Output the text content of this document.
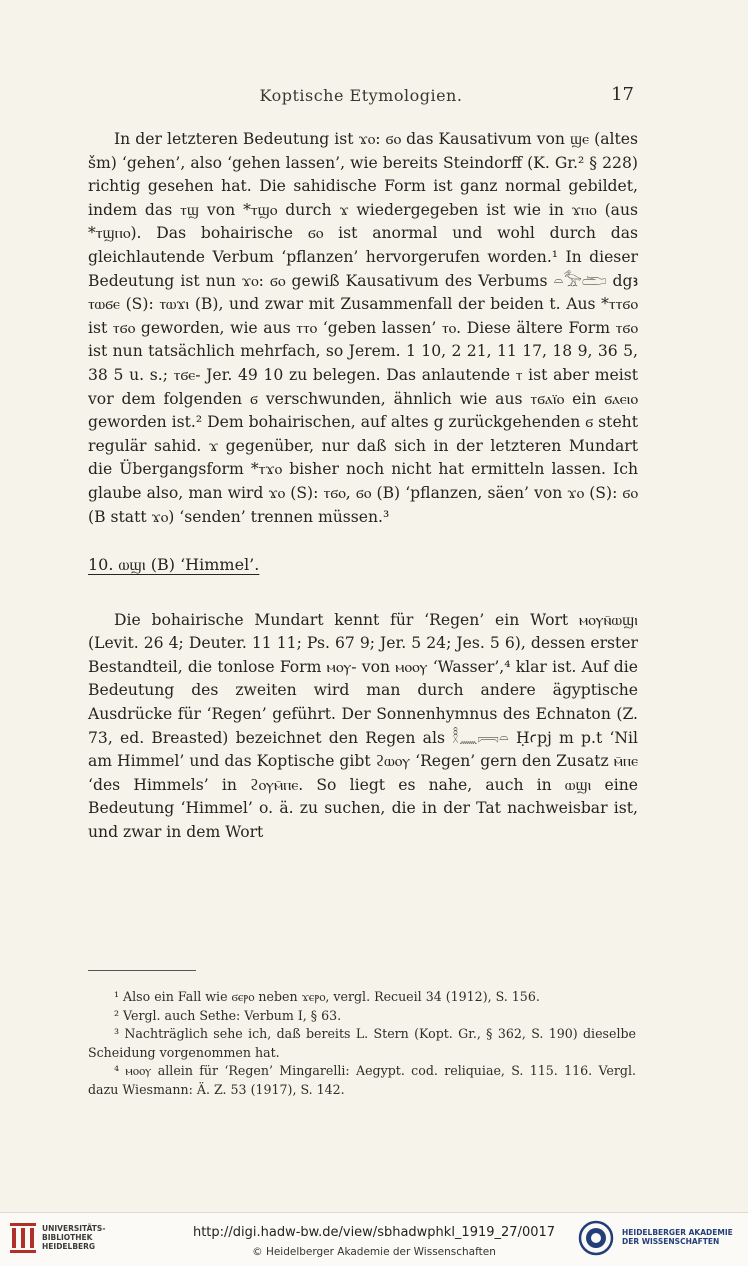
Koptische Etymologien.	17

In der letzteren Bedeutung ist ϫⲟ: ϭⲟ das Kausativum von ϣⲉ (altes šm) ‘gehen’, also ‘gehen lassen’, wie bereits Steindorff (K. Gr.² § 228) richtig gesehen hat. Die sahidische Form ist ganz normal gebildet, indem das ⲧϣ von *ⲧϣⲟ durch ϫ wiedergegeben ist wie in ϫⲡⲟ (aus *ⲧϣⲡⲟ). Das bohairische ϭⲟ ist anormal und wohl durch das gleichlautende Verbum ‘pflanzen’ hervorgerufen worden.¹ In dieser Bedeutung ist nun ϫⲟ: ϭⲟ gewiß Kausativum des Verbums 𓏏𓅡𓂧 dgꜣ ⲧⲱϭⲉ (S): ⲧⲱϫⲓ (B), und zwar mit Zusammenfall der beiden t. Aus *ⲧⲧϭⲟ ist ⲧϭⲟ geworden, wie aus ⲧⲧⲟ ‘geben lassen’ ⲧⲟ. Diese ältere Form ⲧϭⲟ ist nun tatsächlich mehrfach, so Jerem. 1 10, 2 21, 11 17, 18 9, 36 5, 38 5 u. s.; ⲧϭⲉ- Jer. 49 10 zu belegen. Das anlautende ⲧ ist aber meist vor dem folgenden ϭ verschwunden, ähnlich wie aus ⲧϭⲁⲓ̈ⲟ ein ϭⲁⲉⲓⲟ geworden ist.² Dem bohairischen, auf altes g zurückgehenden ϭ steht regulär sahid. ϫ gegenüber, nur daß sich in der letzteren Mundart die Übergangsform *ⲧϫⲟ bisher noch nicht hat ermitteln lassen. Ich glaube also, man wird ϫⲟ (S): ⲧϭⲟ, ϭⲟ (B) ‘pflanzen, säen’ von ϫⲟ (S): ϭⲟ (B statt ϫⲟ) ‘senden’ trennen müssen.³

10. ⲱϣⲓ (B) ‘Himmel’.

Die bohairische Mundart kennt für ‘Regen’ ein Wort ⲙⲟⲩⲛ̄ⲱϣⲓ (Levit. 26 4; Deuter. 11 11; Ps. 67 9; Jer. 5 24; Jes. 5 6), dessen erster Bestandteil, die tonlose Form ⲙⲟⲩ- von ⲙⲟⲟⲩ ‘Wasser’,⁴ klar ist. Auf die Bedeutung des zweiten wird man durch andere ägyptische Ausdrücke für ‘Regen’ geführt. Der Sonnenhymnus des Echnaton (Z. 73, ed. Breasted) bezeichnet den Regen als 𓎛𓈖𓇯𓏏 Ḥꜥpj m p.t ‘Nil am Himmel’ und das Koptische gibt ϩⲱⲟⲩ ‘Regen’ gern den Zusatz ⲙ̄ⲡⲉ ‘des Himmels’ in ϩⲟⲩⲙ̄ⲡⲉ. So liegt es nahe, auch in ⲱϣⲓ eine Bedeutung ‘Himmel’ o. ä. zu suchen, die in der Tat nachweisbar ist, und zwar in dem Wort

¹ Also ein Fall wie ϭⲉⲣⲟ neben ϫⲉⲣⲟ, vergl. Recueil 34 (1912), S. 156.

² Vergl. auch Sethe: Verbum I, § 63.

³ Nachträglich sehe ich, daß bereits L. Stern (Kopt. Gr., § 362, S. 190) dieselbe Scheidung vorgenommen hat.

⁴ ⲙⲟⲟⲩ allein für ‘Regen’ Mingarelli: Aegypt. cod. reliquiae, S. 115. 116. Vergl. dazu Wiesmann: Ä. Z. 53 (1917), S. 142.

UNIVERSITÄTS-
BIBLIOTHEK
HEIDELBERG
http://digi.hadw-bw.de/view/sbhadwphkl_1919_27/0017
© Heidelberger Akademie der Wissenschaften
HEIDELBERGER AKADEMIE
DER WISSENSCHAFTEN
